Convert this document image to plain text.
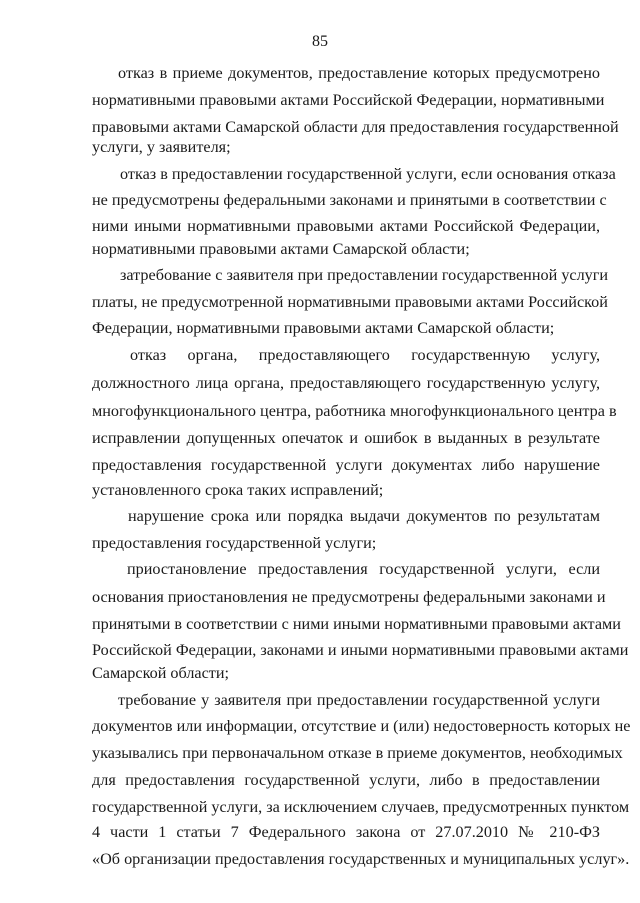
85
отказ в приеме документов, предоставление которых предусмотрено
нормативными правовыми актами Российской Федерации, нормативными
правовыми актами Самарской области для предоставления государственной
услуги, у заявителя;
отказ в предоставлении государственной услуги, если основания отказа
не предусмотрены федеральными законами и принятыми в соответствии с
ними иными нормативными правовыми актами Российской Федерации,
нормативными правовыми актами Самарской области;
затребование с заявителя при предоставлении государственной услуги
платы, не предусмотренной нормативными правовыми актами Российской
Федерации, нормативными правовыми актами Самарской области;
отказ органа, предоставляющего государственную услугу,
должностного лица органа, предоставляющего государственную услугу,
многофункционального центра, работника многофункционального центра в
исправлении допущенных опечаток и ошибок в выданных в результате
предоставления государственной услуги документах либо нарушение
установленного срока таких исправлений;
нарушение срока или порядка выдачи документов по результатам
предоставления государственной услуги;
приостановление предоставления государственной услуги, если
основания приостановления не предусмотрены федеральными законами и
принятыми в соответствии с ними иными нормативными правовыми актами
Российской Федерации, законами и иными нормативными правовыми актами
Самарской области;
требование у заявителя при предоставлении государственной услуги
документов или информации, отсутствие и (или) недостоверность которых не
указывались при первоначальном отказе в приеме документов, необходимых
для предоставления государственной услуги, либо в предоставлении
государственной услуги, за исключением случаев, предусмотренных пунктом
4 части 1 статьи 7 Федерального закона от 27.07.2010 № 210-ФЗ
«Об организации предоставления государственных и муниципальных услуг».
